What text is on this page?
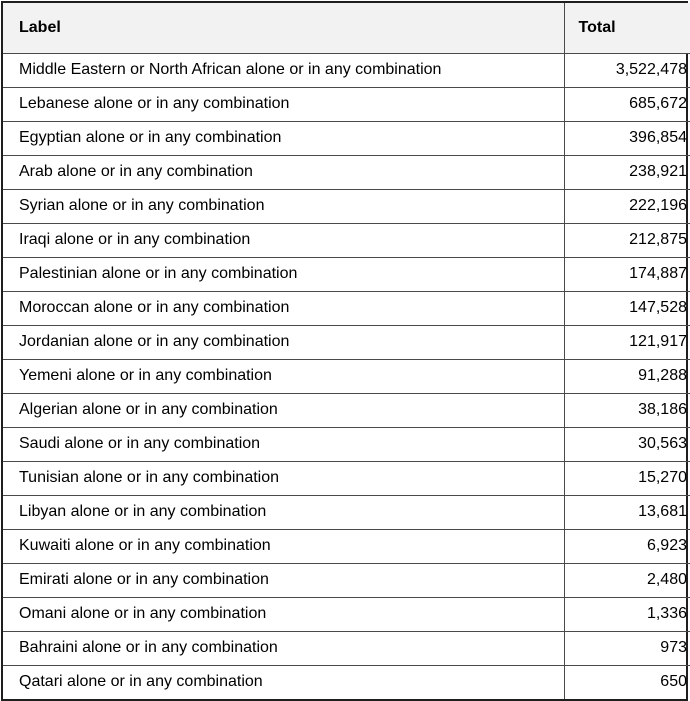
Label	Total
Middle Eastern or North African alone or in any combination	3,522,478
Lebanese alone or in any combination	685,672
Egyptian alone or in any combination	396,854
Arab alone or in any combination	238,921
Syrian alone or in any combination	222,196
Iraqi alone or in any combination	212,875
Palestinian alone or in any combination	174,887
Moroccan alone or in any combination	147,528
Jordanian alone or in any combination	121,917
Yemeni alone or in any combination	91,288
Algerian alone or in any combination	38,186
Saudi alone or in any combination	30,563
Tunisian alone or in any combination	15,270
Libyan alone or in any combination	13,681
Kuwaiti alone or in any combination	6,923
Emirati alone or in any combination	2,480
Omani alone or in any combination	1,336
Bahraini alone or in any combination	973
Qatari alone or in any combination	650
